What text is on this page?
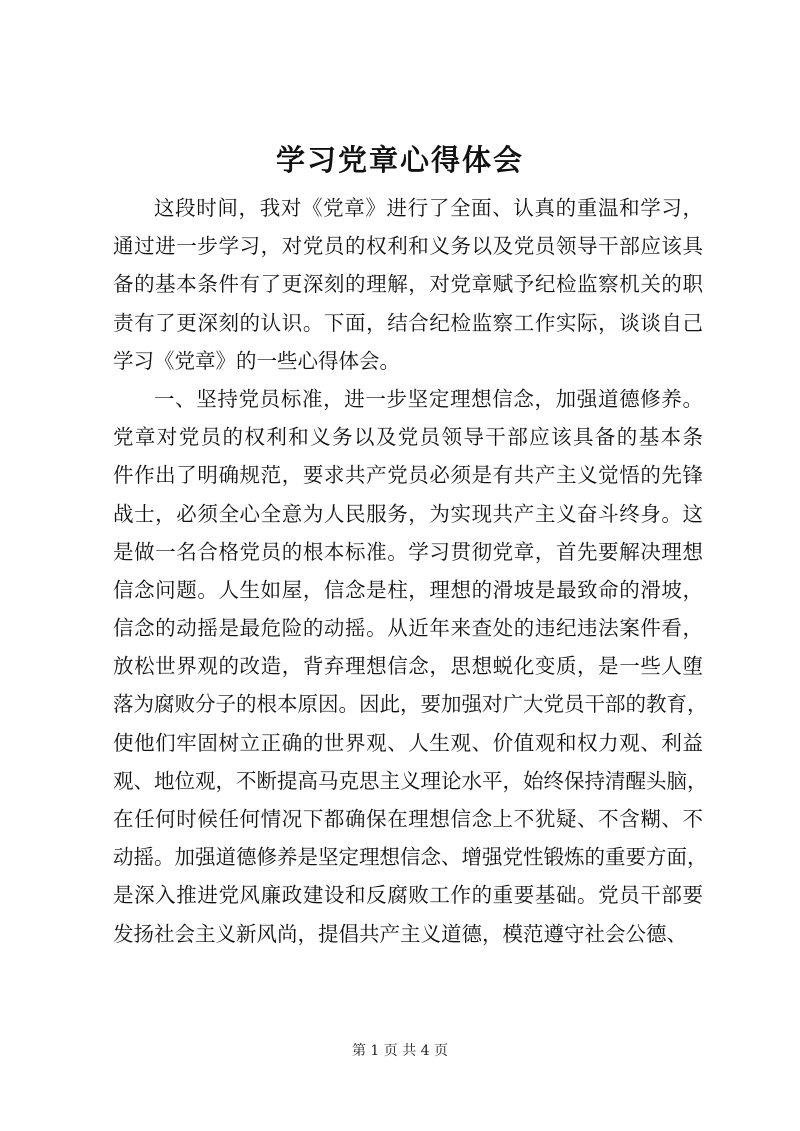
学习党章心得体会
这段时间，我对《党章》进行了全面、认真的重温和学习，
通过进一步学习，对党员的权利和义务以及党员领导干部应该具
备的基本条件有了更深刻的理解，对党章赋予纪检监察机关的职
责有了更深刻的认识。下面，结合纪检监察工作实际，谈谈自己
学习《党章》的一些心得体会。
一、坚持党员标准，进一步坚定理想信念，加强道德修养。
党章对党员的权利和义务以及党员领导干部应该具备的基本条
件作出了明确规范，要求共产党员必须是有共产主义觉悟的先锋
战士，必须全心全意为人民服务，为实现共产主义奋斗终身。这
是做一名合格党员的根本标准。学习贯彻党章，首先要解决理想
信念问题。人生如屋，信念是柱，理想的滑坡是最致命的滑坡，
信念的动摇是最危险的动摇。从近年来查处的违纪违法案件看，
放松世界观的改造，背弃理想信念，思想蜕化变质，是一些人堕
落为腐败分子的根本原因。因此，要加强对广大党员干部的教育，
使他们牢固树立正确的世界观、人生观、价值观和权力观、利益
观、地位观，不断提高马克思主义理论水平，始终保持清醒头脑，
在任何时候任何情况下都确保在理想信念上不犹疑、不含糊、不
动摇。加强道德修养是坚定理想信念、增强党性锻炼的重要方面，
是深入推进党风廉政建设和反腐败工作的重要基础。党员干部要
发扬社会主义新风尚，提倡共产主义道德，模范遵守社会公德、
第 1 页 共 4 页
